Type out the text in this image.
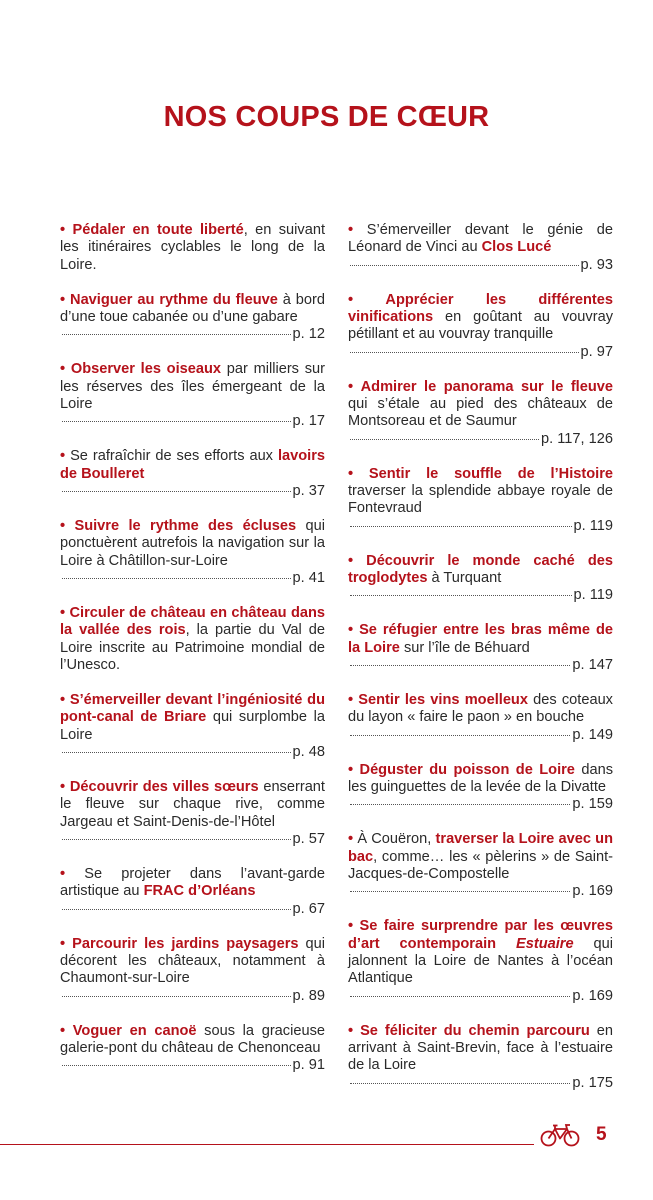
NOS COUPS DE CŒUR

• Pédaler en toute liberté, en suivant les itinéraires cyclables le long de la Loire.

• Naviguer au rythme du fleuve à bord d’une toue cabanée ou d’une gabare
p. 12

• Observer les oiseaux par milliers sur les réserves des îles émergeant de la Loire
p. 17

• Se rafraîchir de ses efforts aux lavoirs de Boulleret
p. 37

• Suivre le rythme des écluses qui ponctuèrent autrefois la navigation sur la Loire à Châtillon-sur-Loire
p. 41

• Circuler de château en château dans la vallée des rois, la partie du Val de Loire inscrite au Patrimoine mondial de l’Unesco.

• S’émerveiller devant l’ingéniosité du pont-canal de Briare qui surplombe la Loire
p. 48

• Découvrir des villes sœurs enserrant le fleuve sur chaque rive, comme Jargeau et Saint-Denis-de-l’Hôtel
p. 57

• Se projeter dans l’avant-garde artistique au FRAC d’Orléans
p. 67

• Parcourir les jardins paysagers qui décorent les châteaux, notamment à Chaumont-sur-Loire
p. 89

• Voguer en canoë sous la gracieuse galerie-pont du château de Chenonceau
p. 91

• S’émerveiller devant le génie de Léonard de Vinci au Clos Lucé
p. 93

• Apprécier les différentes vinifications en goûtant au vouvray pétillant et au vouvray tranquille
p. 97

• Admirer le panorama sur le fleuve qui s’étale au pied des châteaux de Montsoreau et de Saumur
p. 117, 126

• Sentir le souffle de l’Histoire traverser la splendide abbaye royale de Fontevraud
p. 119

• Découvrir le monde caché des troglodytes à Turquant
p. 119

• Se réfugier entre les bras même de la Loire sur l’île de Béhuard
p. 147

• Sentir les vins moelleux des coteaux du layon « faire le paon » en bouche
p. 149

• Déguster du poisson de Loire dans les guinguettes de la levée de la Divatte
p. 159

• À Couëron, traverser la Loire avec un bac, comme… les « pèlerins » de Saint-Jacques-de-Compostelle
p. 169

• Se faire surprendre par les œuvres d’art contemporain Estuaire qui jalonnent la Loire de Nantes à l’océan Atlantique
p. 169

• Se féliciter du chemin parcouru en arrivant à Saint-Brevin, face à l’estuaire de la Loire
p. 175

5
